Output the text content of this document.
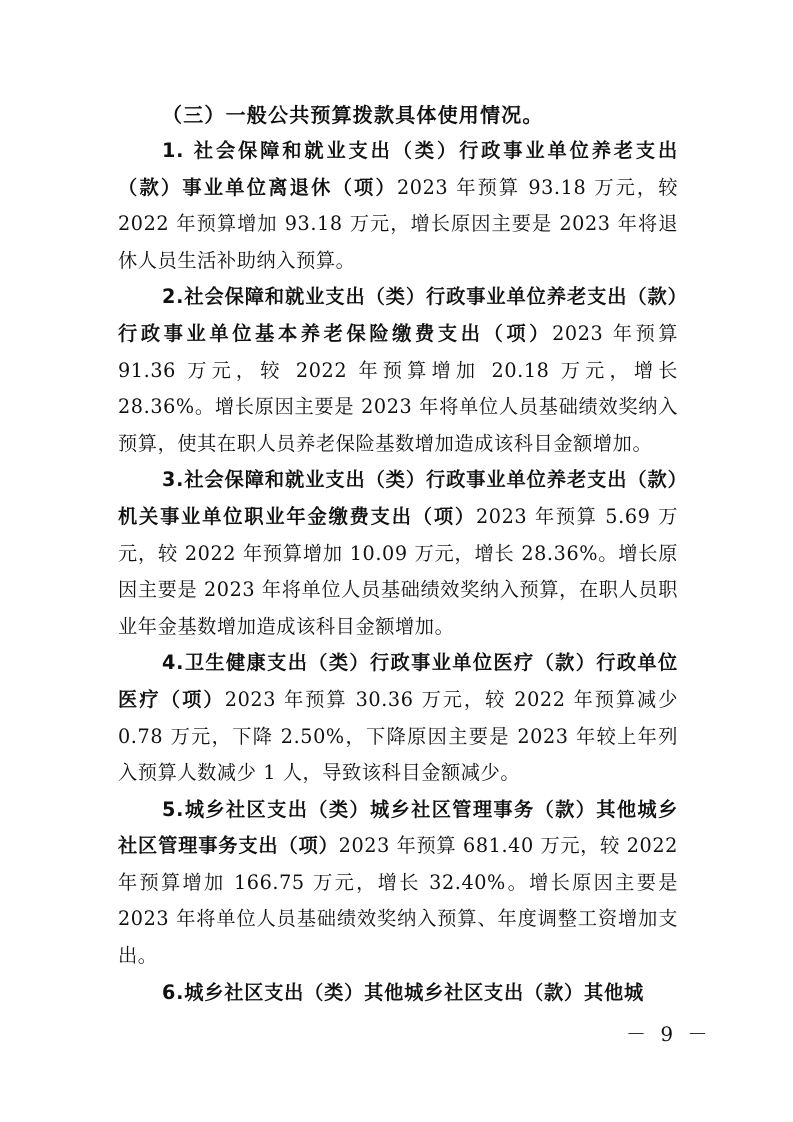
（三）一般公共预算拨款具体使用情况。

1. 社会保障和就业支出（类）行政事业单位养老支出（款）事业单位离退休（项）2023 年预算 93.18 万元，较 2022 年预算增加 93.18 万元，增长原因主要是 2023 年将退休人员生活补助纳入预算。

2.社会保障和就业支出（类）行政事业单位养老支出（款）行政事业单位基本养老保险缴费支出（项）2023 年预算 91.36 万元，较 2022 年预算增加 20.18 万元，增长 28.36%。增长原因主要是 2023 年将单位人员基础绩效奖纳入预算，使其在职人员养老保险基数增加造成该科目金额增加。

3.社会保障和就业支出（类）行政事业单位养老支出（款）机关事业单位职业年金缴费支出（项）2023 年预算 5.69 万元，较 2022 年预算增加 10.09 万元，增长 28.36%。增长原因主要是 2023 年将单位人员基础绩效奖纳入预算，在职人员职业年金基数增加造成该科目金额增加。

4.卫生健康支出（类）行政事业单位医疗（款）行政单位医疗（项）2023 年预算 30.36 万元，较 2022 年预算减少 0.78 万元，下降 2.50%，下降原因主要是 2023 年较上年列入预算人数减少 1 人，导致该科目金额减少。

5.城乡社区支出（类）城乡社区管理事务（款）其他城乡社区管理事务支出（项）2023 年预算 681.40 万元，较 2022 年预算增加 166.75 万元，增长 32.40%。增长原因主要是 2023 年将单位人员基础绩效奖纳入预算、年度调整工资增加支出。

6.城乡社区支出（类）其他城乡社区支出（款）其他城

－ 9 －
